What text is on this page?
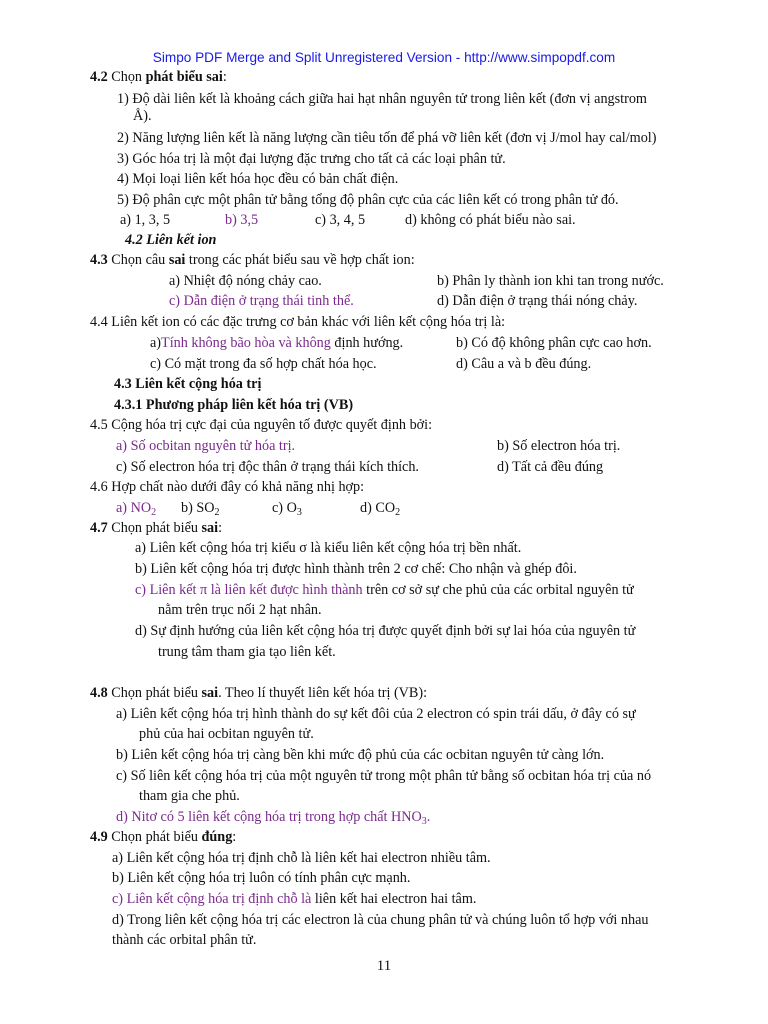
Simpo PDF Merge and Split Unregistered Version - http://www.simpopdf.com
4.2 Chọn phát biểu sai:
1) Độ dài liên kết là khoảng cách giữa hai hạt nhân nguyên tử trong liên kết (đơn vị angstrom
Å).
2) Năng lượng liên kết là năng lượng cần tiêu tốn để phá vỡ liên kết (đơn vị J/mol hay cal/mol)
3) Góc hóa trị là một đại lượng đặc trưng cho tất cả các loại phân tử.
4) Mọi loại liên kết hóa học đều có bản chất điện.
5) Độ phân cực một phân tử bằng tổng độ phân cực của các liên kết có trong phân tử đó.
a) 1, 3, 5	b) 3,5	c) 3, 4, 5	d) không có phát biểu nào sai.
4.2 Liên kết ion
4.3 Chọn câu sai trong các phát biểu sau về hợp chất ion:
a) Nhiệt độ nóng chảy cao.	b) Phân ly thành ion khi tan trong nước.
c) Dẫn điện ở trạng thái tinh thể.	d) Dẫn điện ở trạng thái nóng chảy.
4.4 Liên kết ion có các đặc trưng cơ bản khác với liên kết cộng hóa trị là:
a)Tính không bão hòa và không định hướng.	b) Có độ không phân cực cao hơn.
c) Có mặt trong đa số hợp chất hóa học.	d) Câu a và b đều đúng.
4.3 Liên kết cộng hóa trị
4.3.1 Phương pháp liên kết hóa trị (VB)
4.5 Cộng hóa trị cực đại của nguyên tố được quyết định bởi:
a) Số ocbitan nguyên tử hóa trị.	b) Số electron hóa trị.
c) Số electron hóa trị độc thân ở trạng thái kích thích.	d) Tất cả đều đúng
4.6 Hợp chất nào dưới đây có khả năng nhị hợp:
a) $NO_2$ b) $SO_2$	c) $O_3$	d) $CO_2$
4.7 Chọn phát biểu sai:
a) Liên kết cộng hóa trị kiểu σ là kiểu liên kết cộng hóa trị bền nhất.
b) Liên kết cộng hóa trị được hình thành trên 2 cơ chế: Cho nhận và ghép đôi.
c) Liên kết π là liên kết được hình thành trên cơ sở sự che phủ của các orbital nguyên tử
nằm trên trục nối 2 hạt nhân.
d) Sự định hướng của liên kết cộng hóa trị được quyết định bởi sự lai hóa của nguyên tử
trung tâm tham gia tạo liên kết.
4.8 Chọn phát biểu sai. Theo lí thuyết liên kết hóa trị (VB):
a) Liên kết cộng hóa trị hình thành do sự kết đôi của 2 electron có spin trái dấu, ở đây có sự
phủ của hai ocbitan nguyên tử.
b) Liên kết cộng hóa trị càng bền khi mức độ phủ của các ocbitan nguyên tử càng lớn.
c) Số liên kết cộng hóa trị của một nguyên tử trong một phân tử bằng số ocbitan hóa trị của nó
tham gia che phủ.
d) Nitơ có 5 liên kết cộng hóa trị trong hợp chất $HNO_3$.
4.9 Chọn phát biểu đúng:
a) Liên kết cộng hóa trị định chỗ là liên kết hai electron nhiều tâm.
b) Liên kết cộng hóa trị luôn có tính phân cực mạnh.
c) Liên kết cộng hóa trị định chỗ là liên kết hai electron hai tâm.
d) Trong liên kết cộng hóa trị các electron là của chung phân tử và chúng luôn tổ hợp với nhau
thành các orbital phân tử.
11
